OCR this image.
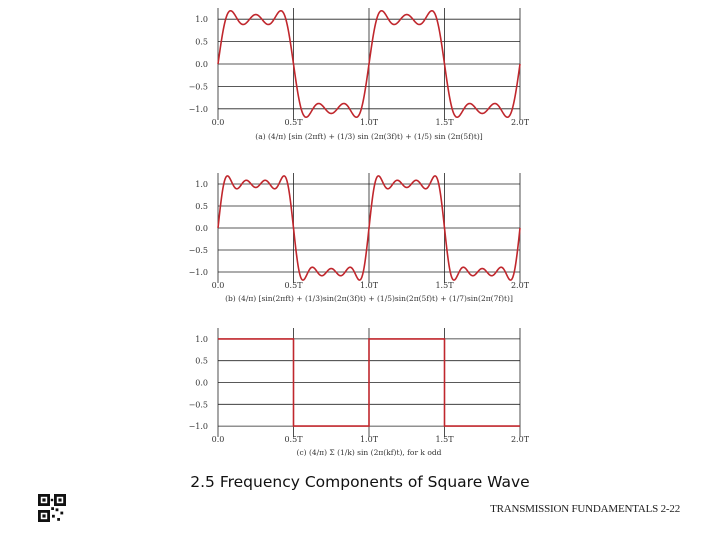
1.0
0.5
0.0
−0.5
−1.0
0.0	0.5T	1.0T	1.5T	2.0T
(a) (4/π) [sin (2πft) + (1/3) sin (2π(3f)t) + (1/5) sin (2π(5f)t)]
1.0
0.5
0.0
−0.5
−1.0
0.0	0.5T	1.0T	1.5T	2.0T
(b) (4/π) [sin(2πft) + (1/3)sin(2π(3f)t) + (1/5)sin(2π(5f)t) + (1/7)sin(2π(7f)t)]
1.0
0.5
0.0
−0.5
−1.0
0.0	0.5T	1.0T	1.5T	2.0T
(c) (4/π) Σ (1/k) sin (2π(kf)t), for k odd
2.5 Frequency Components of Square Wave
TRANSMISSION FUNDAMENTALS 2-22
